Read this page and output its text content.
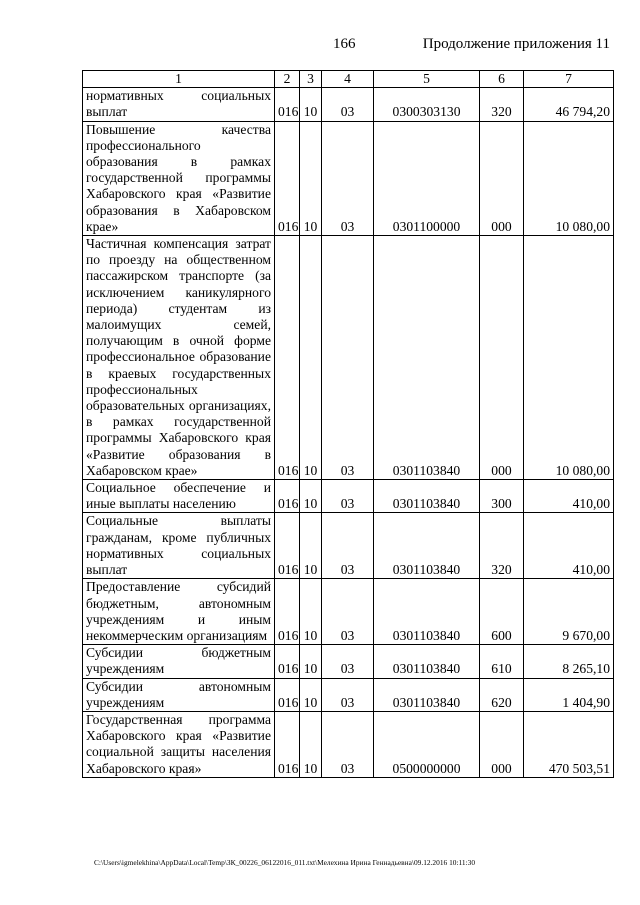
166	Продолжение приложения 11
1	2	3	4	5	6	7
нормативных социальных выплат	016	10	03	0300303130	320	46 794,20
Повышение качества профессионального образования в рамках государственной программы Хабаровского края «Развитие образования в Хабаровском крае»	016	10	03	0301100000	000	10 080,00
Частичная компенсация затрат по проезду на общественном пассажирском транспорте (за исключением каникулярного периода) студентам из малоимущих семей, получающим в очной форме профессиональное образование в краевых государственных профессиональных образовательных организациях, в рамках государственной программы Хабаровского края «Развитие образования в Хабаровском крае»	016	10	03	0301103840	000	10 080,00
Социальное обеспечение и иные выплаты населению	016	10	03	0301103840	300	410,00
Социальные выплаты гражданам, кроме публичных нормативных социальных выплат	016	10	03	0301103840	320	410,00
Предоставление субсидий бюджетным, автономным учреждениям и иным некоммерческим организациям	016	10	03	0301103840	600	9 670,00
Субсидии бюджетным учреждениям	016	10	03	0301103840	610	8 265,10
Субсидии автономным учреждениям	016	10	03	0301103840	620	1 404,90
Государственная программа Хабаровского края «Развитие социальной защиты населения Хабаровского края»	016	10	03	0500000000	000	470 503,51
C:\Users\igmelekhina\AppData\Local\Temp\ЗК_00226_06122016_011.txt\Мелехина Ирина Геннадьевна\09.12.2016 10:11:30
